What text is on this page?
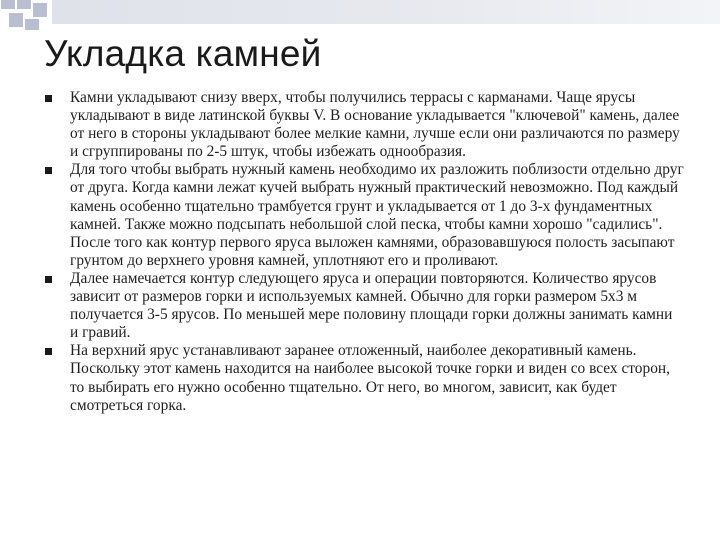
Укладка камней
Камни укладывают снизу вверх, чтобы получились террасы с карманами. Чаще ярусы укладывают в виде латинской буквы V. В основание укладывается "ключевой" камень, далее от него в стороны укладывают более мелкие камни, лучше если они различаются по размеру и сгруппированы по 2-5 штук, чтобы избежать однообразия.
Для того чтобы выбрать нужный камень необходимо их разложить поблизости отдельно друг от друга. Когда камни лежат кучей выбрать нужный практический невозможно. Под каждый камень особенно тщательно трамбуется грунт и укладывается от 1 до 3-х фундаментных камней. Также можно подсыпать небольшой слой песка, чтобы камни хорошо "садились". После того как контур первого яруса выложен камнями, образовавшуюся полость засыпают грунтом до верхнего уровня камней, уплотняют его и проливают.
Далее намечается контур следующего яруса и операции повторяются. Количество ярусов зависит от размеров горки и используемых камней. Обычно для горки размером 5х3 м получается 3-5 ярусов. По меньшей мере половину площади горки должны занимать камни и гравий.
На верхний ярус устанавливают заранее отложенный, наиболее декоративный камень. Поскольку этот камень находится на наиболее высокой точке горки и виден со всех сторон, то выбирать его нужно особенно тщательно. От него, во многом, зависит, как будет смотреться горка.
